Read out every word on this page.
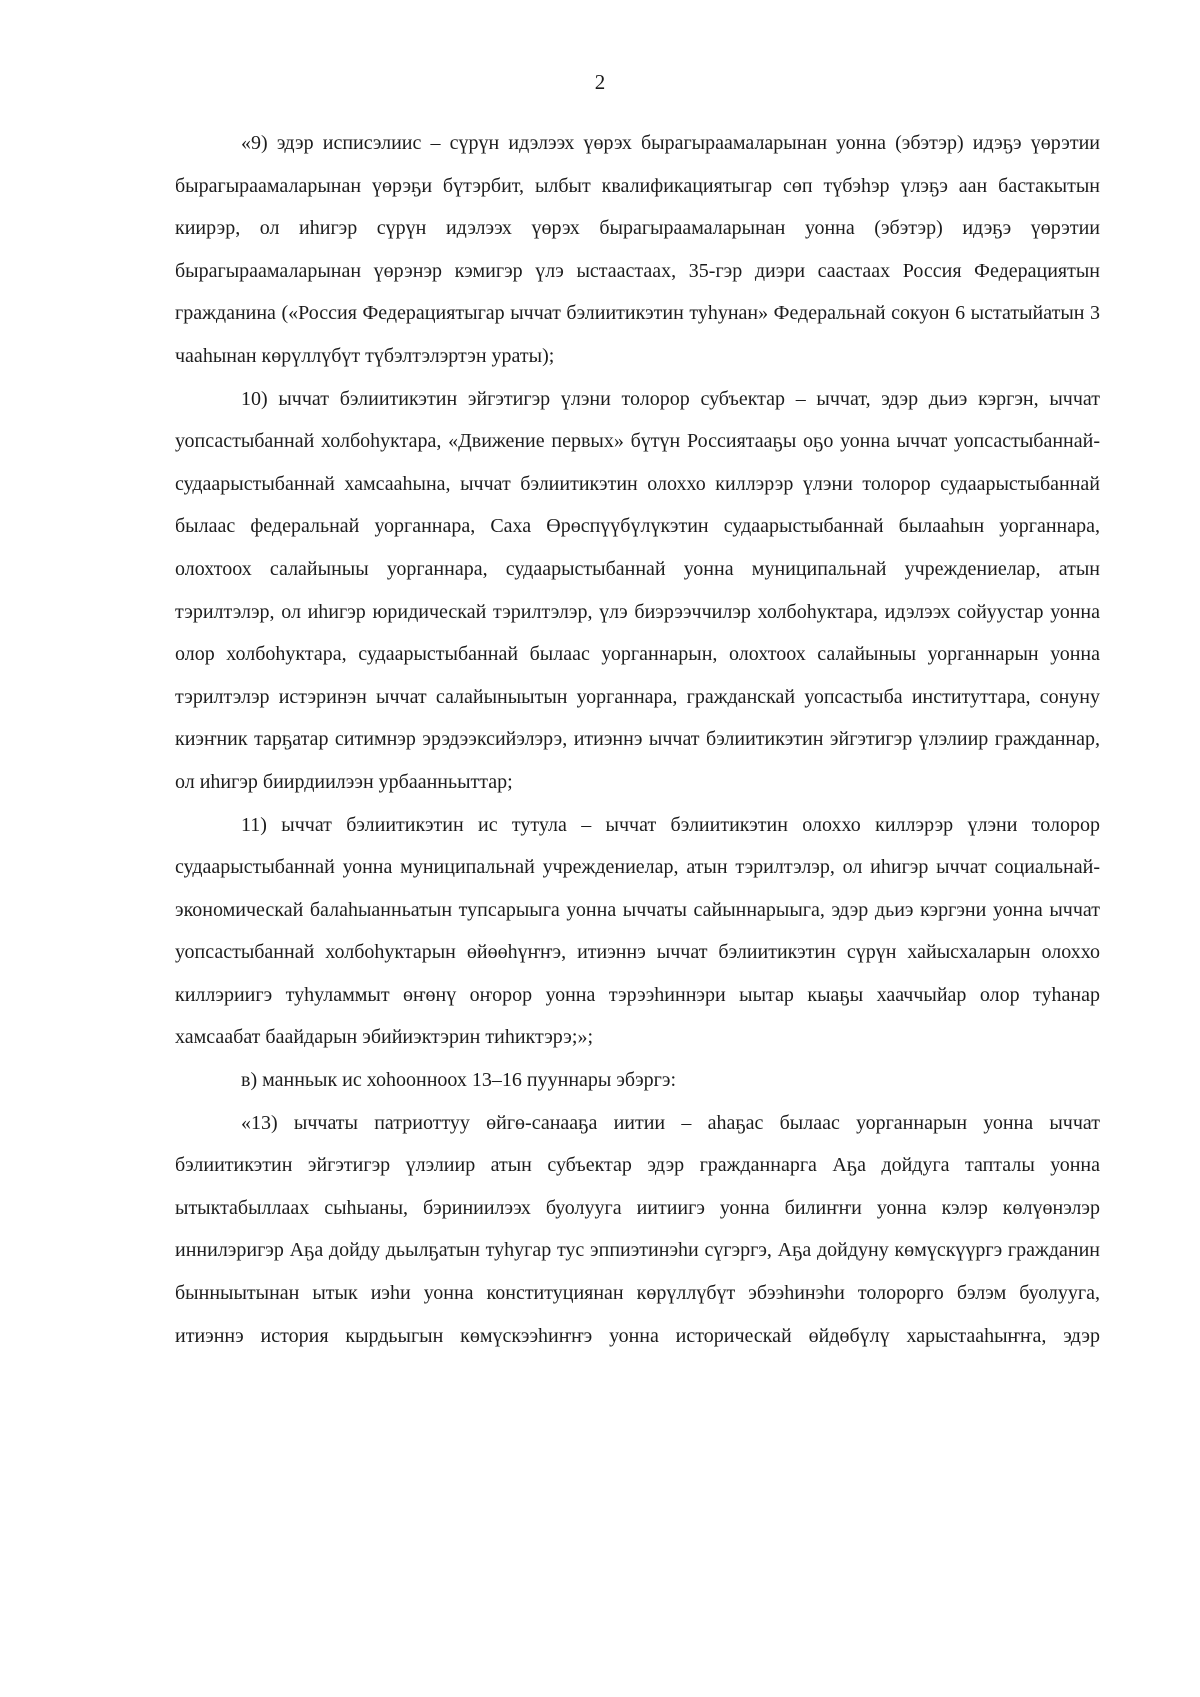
2

«9) эдэр исписэлиис – сүрүн идэлээх үөрэх бырагыраамаларынан уонна (эбэтэр) идэҕэ үөрэтии бырагыраамаларынан үөрэҕи бүтэрбит, ылбыт квалификациятыгар сөп түбэһэр үлэҕэ аан бастакытын киирэр, ол иһигэр сүрүн идэлээх үөрэх бырагыраамаларынан уонна (эбэтэр) идэҕэ үөрэтии бырагыраамаларынан үөрэнэр кэмигэр үлэ ыстаастаах, 35-гэр диэри саастаах Россия Федерациятын гражданина («Россия Федерациятыгар ыччат бэлиитикэтин туһунан» Федеральнай сокуон 6 ыстатыйатын 3 чааһынан көрүллүбүт түбэлтэлэртэн ураты);

10) ыччат бэлиитикэтин эйгэтигэр үлэни толорор субъектар – ыччат, эдэр дьиэ кэргэн, ыччат уопсастыбаннай холбоһуктара, «Движение первых» бүтүн Россиятааҕы оҕо уонна ыччат уопсастыбаннай-судаарыстыбаннай хамсааһына, ыччат бэлиитикэтин олоххо киллэрэр үлэни толорор судаарыстыбаннай былаас федеральнай уорганнара, Саха Өрөспүүбүлүкэтин судаарыстыбаннай былааһын уорганнара, олохтоох салайыныы уорганнара, судаарыстыбаннай уонна муниципальнай учреждениелар, атын тэрилтэлэр, ол иһигэр юридическай тэрилтэлэр, үлэ биэрээччилэр холбоһуктара, идэлээх сойуустар уонна олор холбоһуктара, судаарыстыбаннай былаас уорганнарын, олохтоох салайыныы уорганнарын уонна тэрилтэлэр истэринэн ыччат салайыныытын уорганнара, гражданскай уопсастыба институттара, сонуну киэҥник тарҕатар ситимнэр эрэдээксийэлэрэ, итиэннэ ыччат бэлиитикэтин эйгэтигэр үлэлиир гражданнар, ол иһигэр биирдиилээн урбаанньыттар;

11) ыччат бэлиитикэтин ис тутула – ыччат бэлиитикэтин олоххо киллэрэр үлэни толорор судаарыстыбаннай уонна муниципальнай учреждениелар, атын тэрилтэлэр, ол иһигэр ыччат социальнай-экономическай балаһыанньатын тупсарыыга уонна ыччаты сайыннарыыга, эдэр дьиэ кэргэни уонна ыччат уопсастыбаннай холбоһуктарын өйөөһүҥҥэ, итиэннэ ыччат бэлиитикэтин сүрүн хайысхаларын олоххо киллэриигэ туһуламмыт өҥөнү оҥорор уонна тэрээһиннэри ыытар кыаҕы хааччыйар олор туһанар хамсаабат баайдарын эбийиэктэрин тиһиктэрэ;»;

в) манньык ис хоһоонноох 13–16 пууннары эбэргэ:

«13) ыччаты патриоттуу өйгө-санааҕа иитии – аһаҕас былаас уорганнарын уонна ыччат бэлиитикэтин эйгэтигэр үлэлиир атын субъектар эдэр гражданнарга Аҕа дойдуга тапталы уонна ытыктабыллаах сыһыаны, бэриниилээх буолууга иитиигэ уонна билиҥҥи уонна кэлэр көлүөнэлэр иннилэригэр Аҕа дойду дьылҕатын туһугар тус эппиэтинэһи сүгэргэ, Аҕа дойдуну көмүскүүргэ гражданин бынныытынан ытык иэһи уонна конституциянан көрүллүбүт эбээһинэһи толорорго бэлэм буолууга, итиэннэ история кырдьыгын көмүскээһиҥҥэ уонна историческай өйдөбүлү харыстааһыҥҥа, эдэр
